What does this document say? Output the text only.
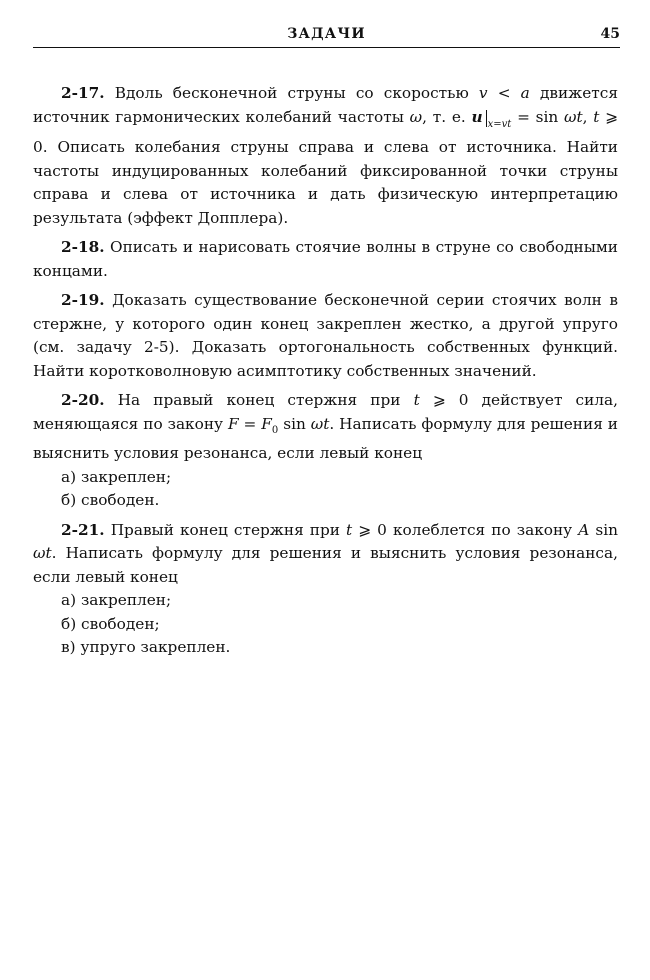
ЗАДАЧИ	45
2-17. Вдоль бесконечной струны со скоростью v < a движется источник гармонических колебаний частоты ω, т. е. u $_{x=vt}$ = sin ωt, t ⩾ 0. Описать колебания струны справа и слева от источника. Найти частоты индуцированных колебаний фиксированной точки струны справа и слева от источника и дать физическую интерпретацию результата (эффект Допплера).
2-18. Описать и нарисовать стоячие волны в струне со свободными концами.
2-19. Доказать существование бесконечной серии стоячих волн в стержне, у которого один конец закреплен жестко, а другой упруго (см. задачу 2-5). Доказать ортогональность собственных функций. Найти коротковолновую асимптотику собственных значений.
2-20. На правый конец стержня при t ⩾ 0 действует сила, меняющаяся по закону $F = F_0$ sin ωt. Написать формулу для решения и выяснить условия резонанса, если левый конец
а) закреплен;
б) свободен.
2-21. Правый конец стержня при t ⩾ 0 колеблется по закону A sin ωt. Написать формулу для решения и выяснить условия резонанса, если левый конец
а) закреплен;
б) свободен;
в) упруго закреплен.
